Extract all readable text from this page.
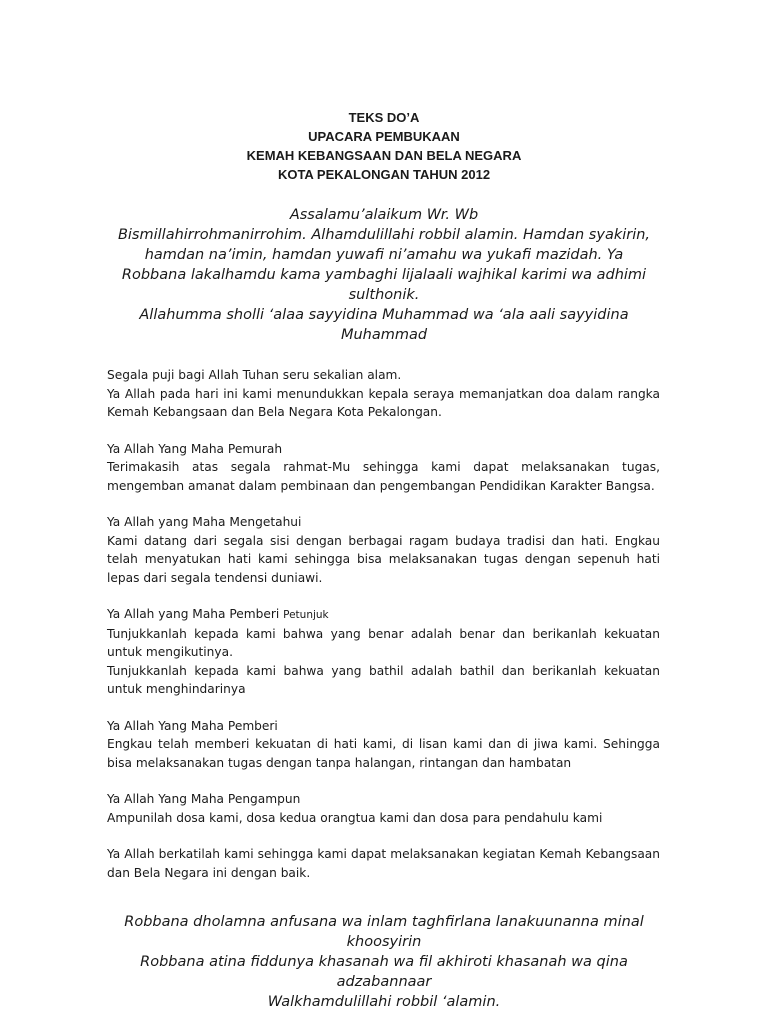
TEKS DO’A
UPACARA PEMBUKAAN
KEMAH KEBANGSAAN DAN BELA NEGARA
KOTA PEKALONGAN TAHUN 2012

Assalamu’alaikum Wr. Wb

Bismillahirrohmanirrohim. Alhamdulillahi robbil alamin. Hamdan syakirin,

hamdan na’imin, hamdan yuwafi ni’amahu wa yukafi mazidah. Ya

Robbana lakalhamdu kama yambaghi lijalaali wajhikal karimi wa adhimi

sulthonik.

Allahumma sholli ‘alaa sayyidina Muhammad wa ‘ala aali sayyidina

Muhammad

Segala puji bagi Allah Tuhan seru sekalian alam.

Ya Allah pada hari ini kami menundukkan kepala seraya memanjatkan doa dalam rangka Kemah Kebangsaan dan Bela Negara Kota Pekalongan.

Ya Allah Yang Maha Pemurah

Terimakasih atas segala rahmat-Mu sehingga kami dapat melaksanakan tugas, mengemban amanat dalam pembinaan dan pengembangan Pendidikan Karakter Bangsa.

Ya Allah yang Maha Mengetahui

Kami datang dari segala sisi dengan berbagai ragam budaya tradisi dan hati. Engkau telah menyatukan hati kami sehingga bisa melaksanakan tugas dengan sepenuh hati lepas dari segala tendensi duniawi.

Ya Allah yang Maha Pemberi Petunjuk

Tunjukkanlah kepada kami bahwa yang benar adalah benar dan berikanlah kekuatan untuk mengikutinya.

Tunjukkanlah kepada kami bahwa yang bathil adalah bathil dan berikanlah kekuatan untuk menghindarinya

Ya Allah Yang Maha Pemberi

Engkau telah memberi kekuatan di hati kami, di lisan kami dan di jiwa kami. Sehingga bisa melaksanakan tugas dengan tanpa halangan, rintangan dan hambatan

Ya Allah Yang Maha Pengampun

Ampunilah dosa kami, dosa kedua orangtua kami dan dosa para pendahulu kami

Ya Allah berkatilah kami sehingga kami dapat melaksanakan kegiatan Kemah Kebangsaan dan Bela Negara ini dengan baik.

Robbana dholamna anfusana wa inlam taghfirlana lanakuunanna minal

khoosyirin

Robbana atina fiddunya khasanah wa fil akhiroti khasanah wa qina

adzabannaar

Walkhamdulillahi robbil ‘alamin.
